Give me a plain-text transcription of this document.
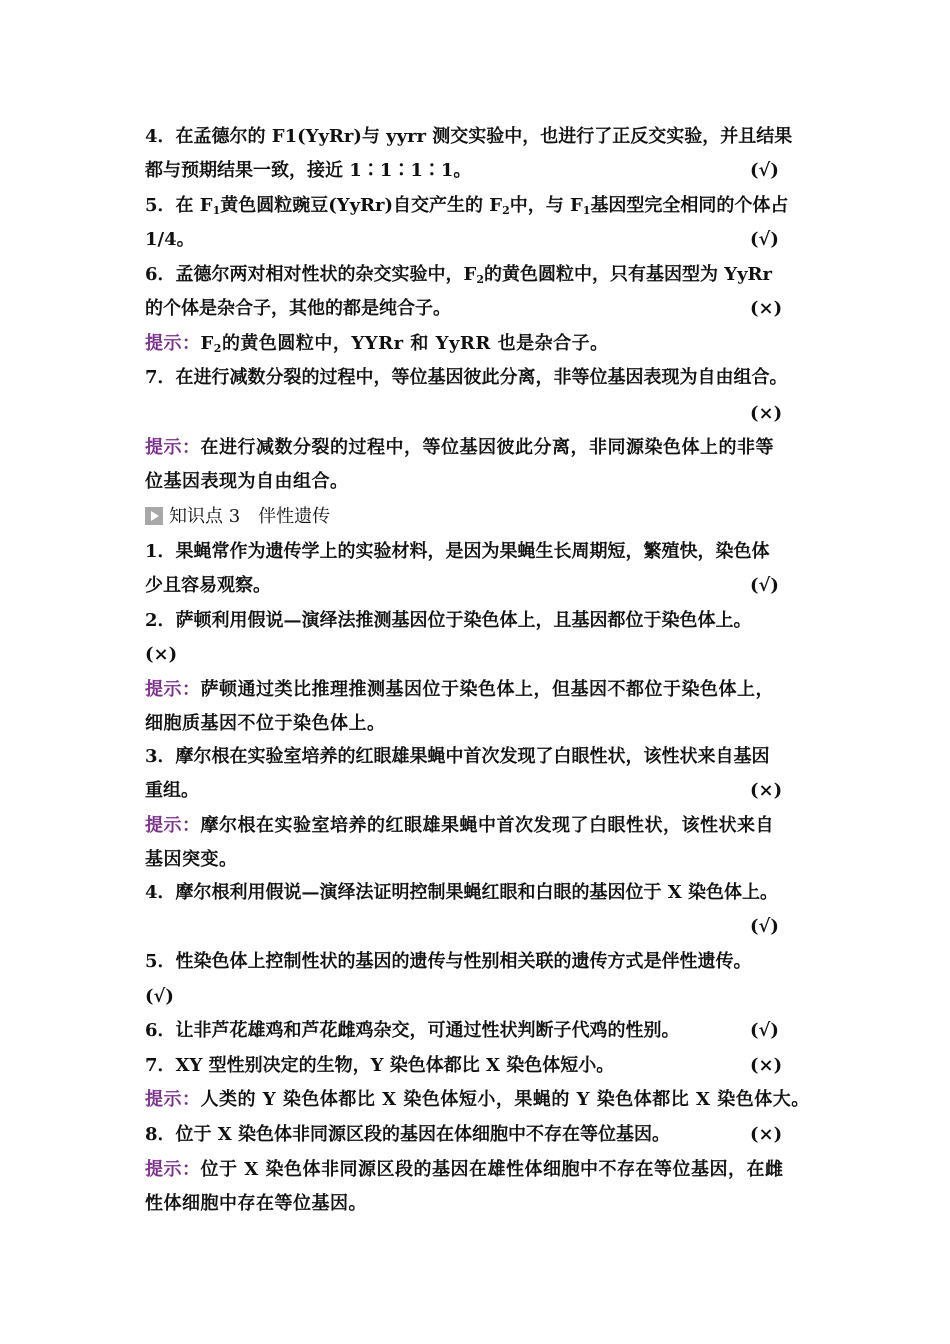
4．在孟德尔的 F1(YyRr)与 yyrr 测交实验中，也进行了正反交实验，并且结果
都与预期结果一致，接近 1∶1∶1∶1。	(√)
5．在 $F_1$黄色圆粒豌豆(YyRr)自交产生的 $F_2$中，与 $F_1$基因型完全相同的个体占
1/4。	(√)
6．孟德尔两对相对性状的杂交实验中，$F_2$的黄色圆粒中，只有基因型为 YyRr
的个体是杂合子，其他的都是纯合子。	(×)
提示：$F_2$的黄色圆粒中，YYRr 和 YyRR 也是杂合子。
7．在进行减数分裂的过程中，等位基因彼此分离，非等位基因表现为自由组合。
(×)
提示：在进行减数分裂的过程中，等位基因彼此分离，非同源染色体上的非等
位基因表现为自由组合。
知识点 3　伴性遗传
1．果蝇常作为遗传学上的实验材料，是因为果蝇生长周期短，繁殖快，染色体
少且容易观察。	(√)
2．萨顿利用假说—演绎法推测基因位于染色体上，且基因都位于染色体上。
(×)
提示：萨顿通过类比推理推测基因位于染色体上，但基因不都位于染色体上，
细胞质基因不位于染色体上。
3．摩尔根在实验室培养的红眼雄果蝇中首次发现了白眼性状，该性状来自基因
重组。	(×)
提示：摩尔根在实验室培养的红眼雄果蝇中首次发现了白眼性状，该性状来自
基因突变。
4．摩尔根利用假说—演绎法证明控制果蝇红眼和白眼的基因位于 X 染色体上。
(√)
5．性染色体上控制性状的基因的遗传与性别相关联的遗传方式是伴性遗传。
(√)
6．让非芦花雄鸡和芦花雌鸡杂交，可通过性状判断子代鸡的性别。	(√)
7．XY 型性别决定的生物，Y 染色体都比 X 染色体短小。	(×)
提示：人类的 Y 染色体都比 X 染色体短小，果蝇的 Y 染色体都比 X 染色体大。
8．位于 X 染色体非同源区段的基因在体细胞中不存在等位基因。	(×)
提示：位于 X 染色体非同源区段的基因在雄性体细胞中不存在等位基因，在雌
性体细胞中存在等位基因。
